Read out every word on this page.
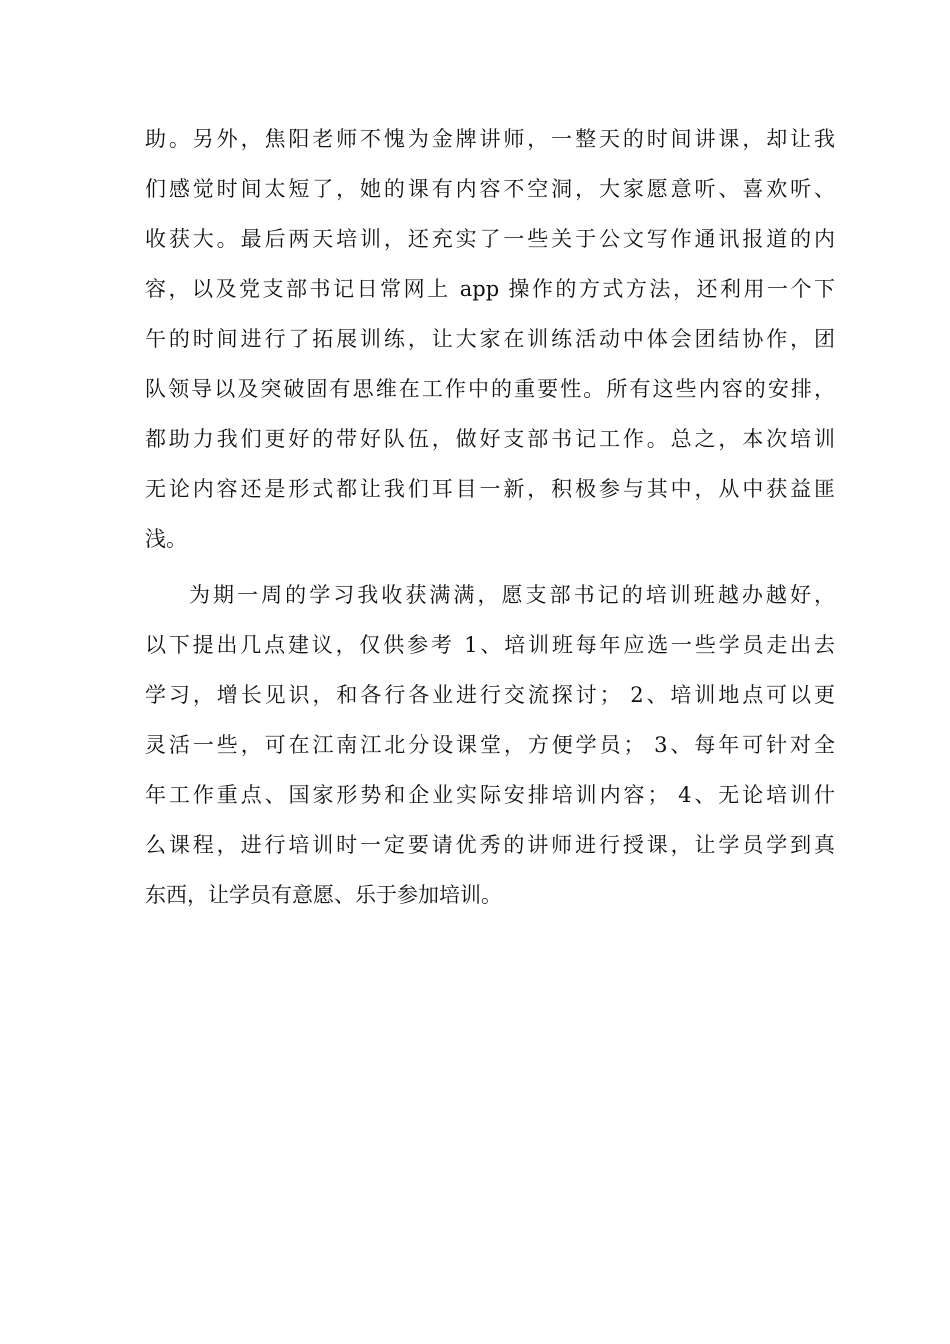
助。另外，焦阳老师不愧为金牌讲师，一整天的时间讲课，却让我
们感觉时间太短了，她的课有内容不空洞，大家愿意听、喜欢听、
收获大。最后两天培训，还充实了一些关于公文写作通讯报道的内
容，以及党支部书记日常网上 app 操作的方式方法，还利用一个下
午的时间进行了拓展训练，让大家在训练活动中体会团结协作，团
队领导以及突破固有思维在工作中的重要性。所有这些内容的安排，
都助力我们更好的带好队伍，做好支部书记工作。总之，本次培训
无论内容还是形式都让我们耳目一新，积极参与其中，从中获益匪
浅。
为期一周的学习我收获满满，愿支部书记的培训班越办越好，
以下提出几点建议，仅供参考 1、培训班每年应选一些学员走出去
学习，增长见识，和各行各业进行交流探讨； 2、培训地点可以更
灵活一些，可在江南江北分设课堂，方便学员； 3、每年可针对全
年工作重点、国家形势和企业实际安排培训内容； 4、无论培训什
么课程，进行培训时一定要请优秀的讲师进行授课，让学员学到真
东西，让学员有意愿、乐于参加培训。
